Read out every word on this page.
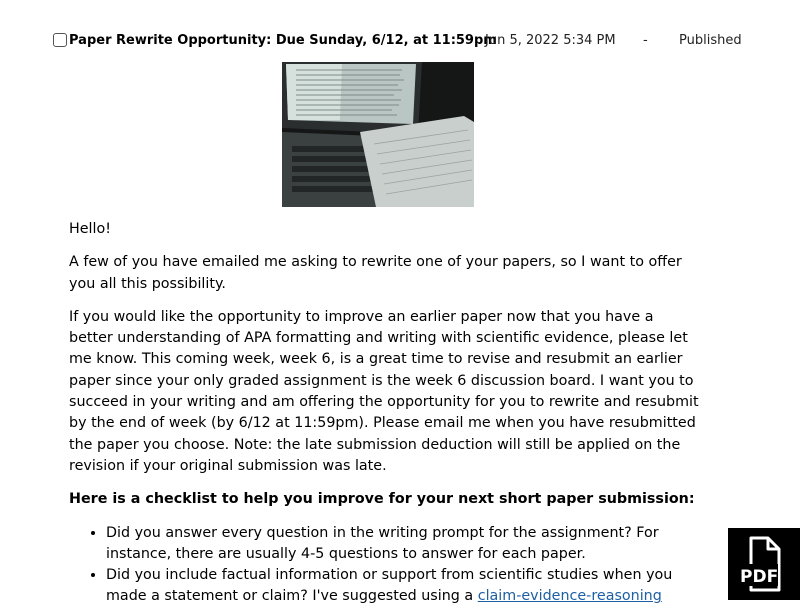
Paper Rewrite Opportunity: Due Sunday, 6/12, at 11:59pm
Jun 5, 2022 5:34 PM - Published

Hello!

A few of you have emailed me asking to rewrite one of your papers, so I want to offer you all this possibility.

If you would like the opportunity to improve an earlier paper now that you have a better understanding of APA formatting and writing with scientific evidence, please let me know. This coming week, week 6, is a great time to revise and resubmit an earlier paper since your only graded assignment is the week 6 discussion board. I want you to succeed in your writing and am offering the opportunity for you to rewrite and resubmit by the end of week (by 6/12 at 11:59pm). Please email me when you have resubmitted the paper you choose. Note: the late submission deduction will still be applied on the revision if your original submission was late.

Here is a checklist to help you improve for your next short paper submission:

• Did you answer every question in the writing prompt for the assignment? For instance, there are usually 4-5 questions to answer for each paper.
• Did you include factual information or support from scientific studies when you made a statement or claim? I've suggested using a claim-evidence-reasoning
PDF
